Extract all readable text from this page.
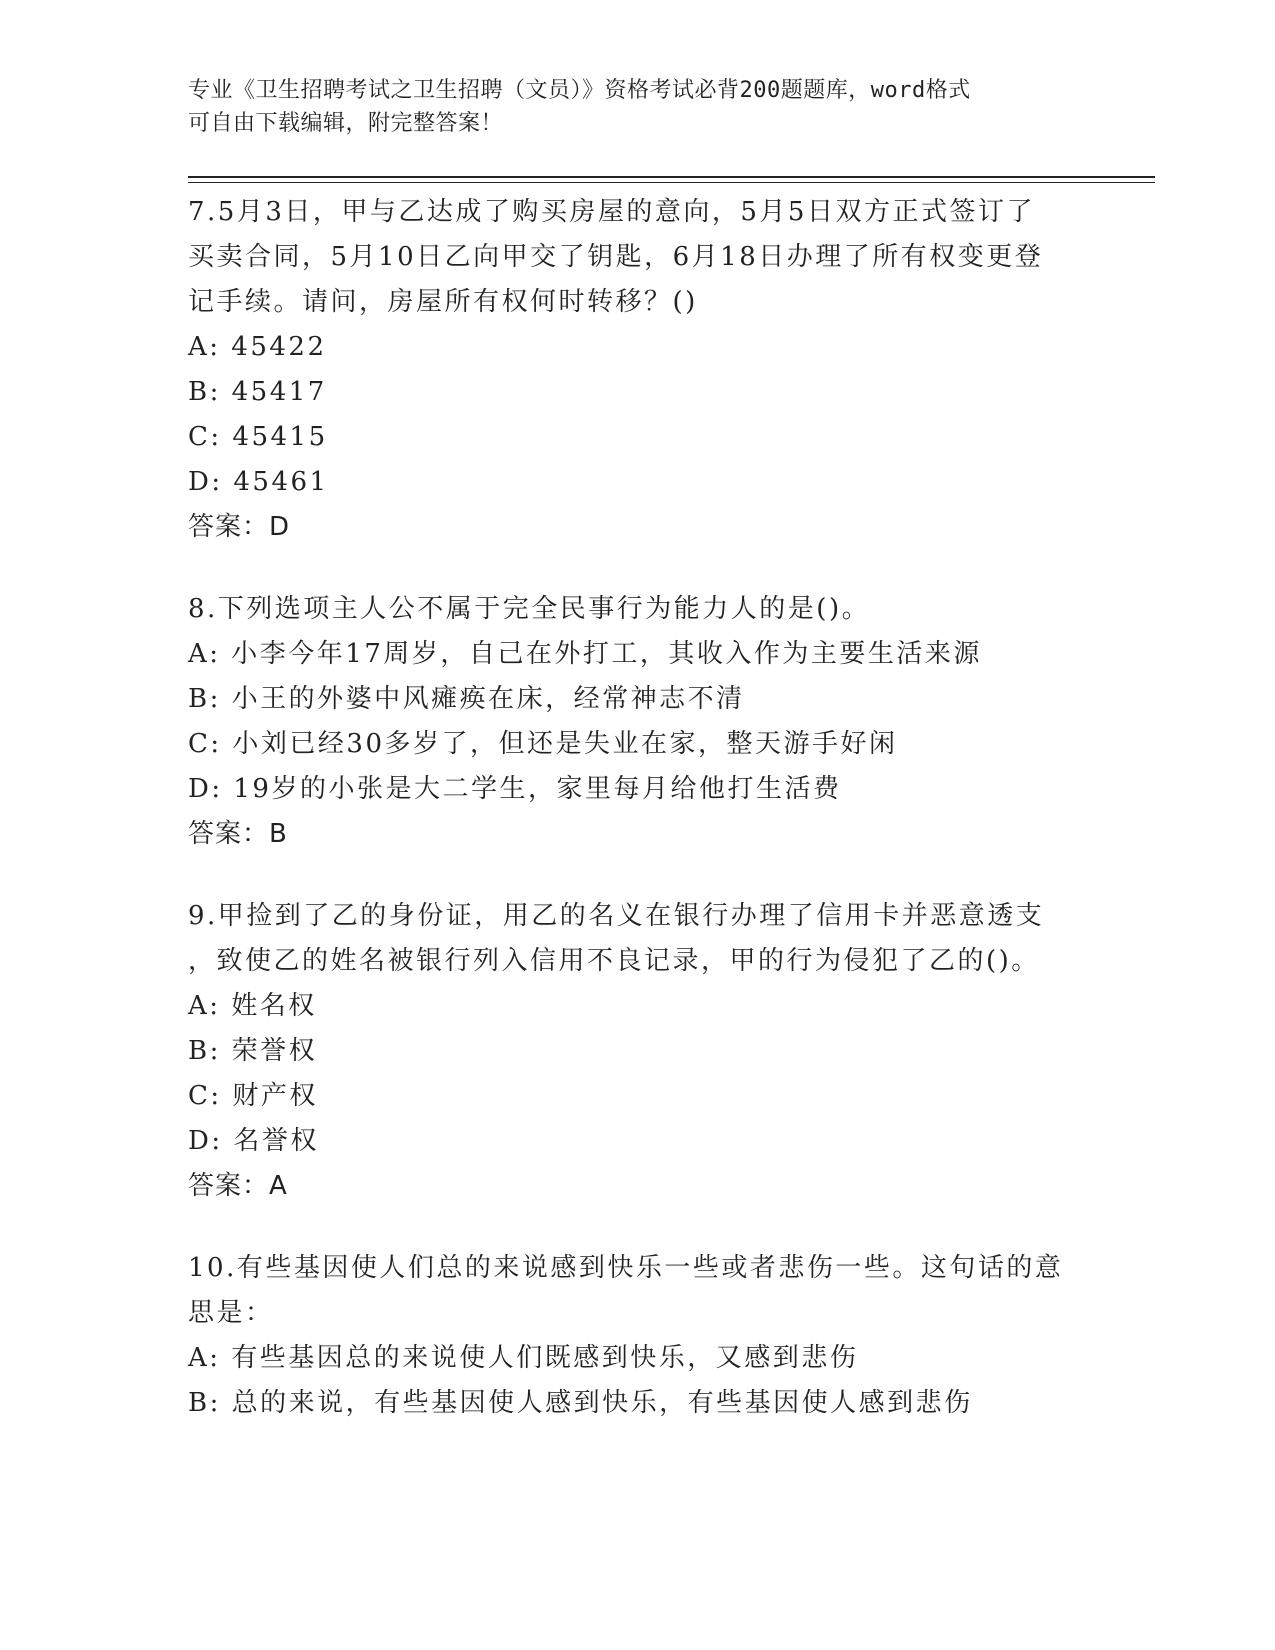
专业《卫生招聘考试之卫生招聘（文员）》资格考试必背200题题库，word格式
可自由下载编辑，附完整答案！
7.5月3日，甲与乙达成了购买房屋的意向，5月5日双方正式签订了
买卖合同，5月10日乙向甲交了钥匙，6月18日办理了所有权变更登
记手续。请问，房屋所有权何时转移？()
A: 45422
B: 45417
C: 45415
D: 45461
答案：D
8.下列选项主人公不属于完全民事行为能力人的是()。
A: 小李今年17周岁，自己在外打工，其收入作为主要生活来源
B: 小王的外婆中风瘫痪在床，经常神志不清
C: 小刘已经30多岁了，但还是失业在家，整天游手好闲
D: 19岁的小张是大二学生，家里每月给他打生活费
答案：B
9.甲捡到了乙的身份证，用乙的名义在银行办理了信用卡并恶意透支
，致使乙的姓名被银行列入信用不良记录，甲的行为侵犯了乙的()。
A: 姓名权
B: 荣誉权
C: 财产权
D: 名誉权
答案：A
10.有些基因使人们总的来说感到快乐一些或者悲伤一些。这句话的意
思是：
A: 有些基因总的来说使人们既感到快乐，又感到悲伤
B: 总的来说，有些基因使人感到快乐，有些基因使人感到悲伤
